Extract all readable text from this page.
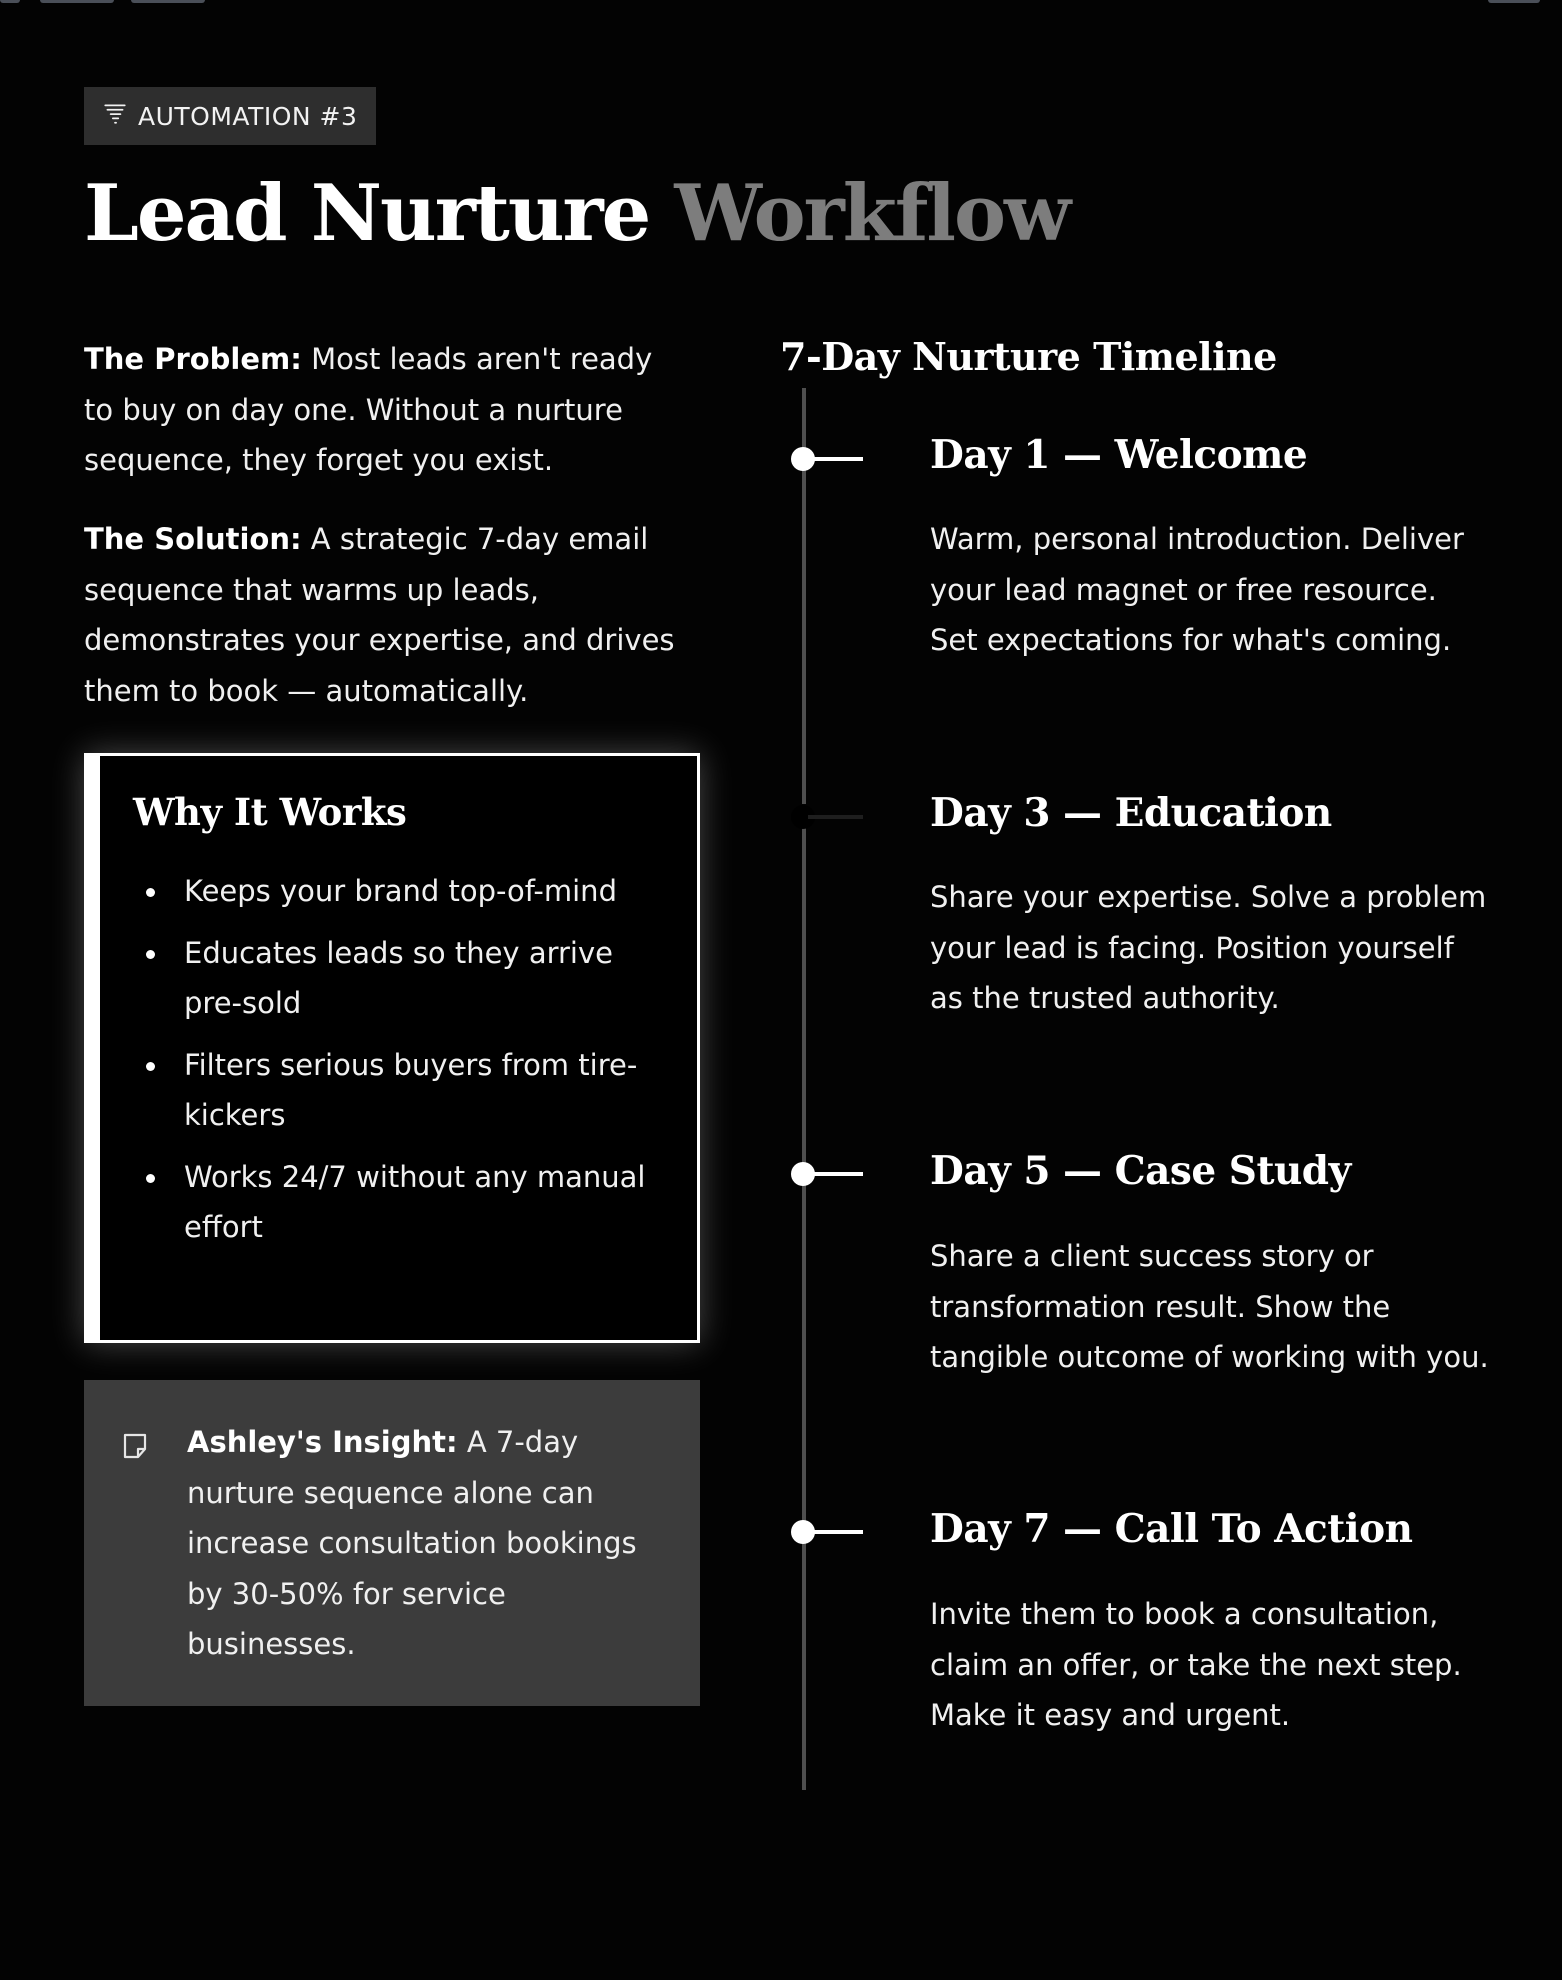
AUTOMATION #3
Lead Nurture Workflow

The Problem: Most leads aren't ready to buy on day one. Without a nurture sequence, they forget you exist.

The Solution: A strategic 7-day email sequence that warms up leads, demonstrates your expertise, and drives them to book — automatically.

Why It Works
Keeps your brand top-of-mind
Educates leads so they arrive pre-sold
Filters serious buyers from tire-kickers
Works 24/7 without any manual effort

Ashley's Insight: A 7-day nurture sequence alone can increase consultation bookings by 30-50% for service businesses.

7-Day Nurture Timeline
Day 1 — Welcome

Warm, personal introduction. Deliver your lead magnet or free resource. Set expectations for what's coming.

Day 3 — Education

Share your expertise. Solve a problem your lead is facing. Position yourself as the trusted authority.

Day 5 — Case Study

Share a client success story or transformation result. Show the tangible outcome of working with you.

Day 7 — Call To Action

Invite them to book a consultation, claim an offer, or take the next step. Make it easy and urgent.
